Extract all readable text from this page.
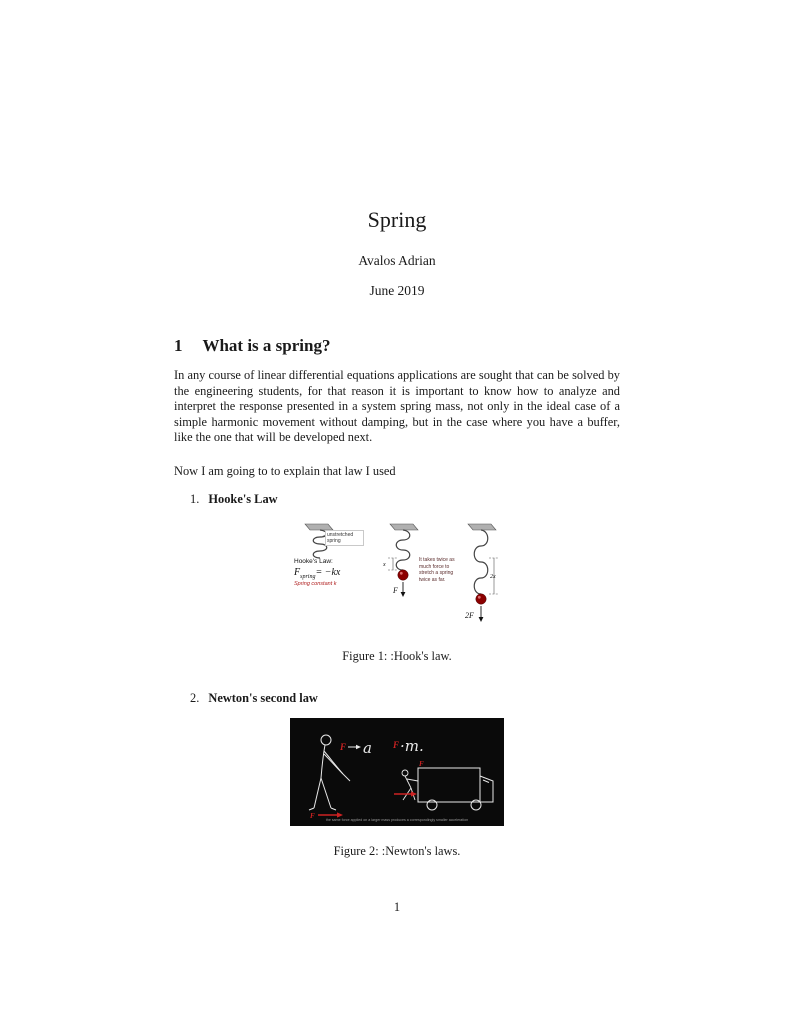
Spring
Avalos Adrian
June 2019
1 What is a spring?

In any course of linear differential equations applications are sought that can be solved by the engineering students, for that reason it is important to know how to analyze and interpret the response presented in a system spring mass, not only in the ideal case of a simple harmonic movement without damping, but in the case where you have a buffer, like the one that will be developed next.

Now I am going to to explain that law I used

1. Hooke's Law
x
F
2x
2F
unstretched spring
Hooke's Law:
$F_{spring}= -kx$
Spring constant k
It takes twice as much force to stretch a spring twice as far.
Figure 1: :Hook's law.
2. Newton's second law
F a F ·m.
F
F	the same force applied on a larger mass produces a correspondingly smaller acceleration
Figure 2: :Newton's laws.
1
